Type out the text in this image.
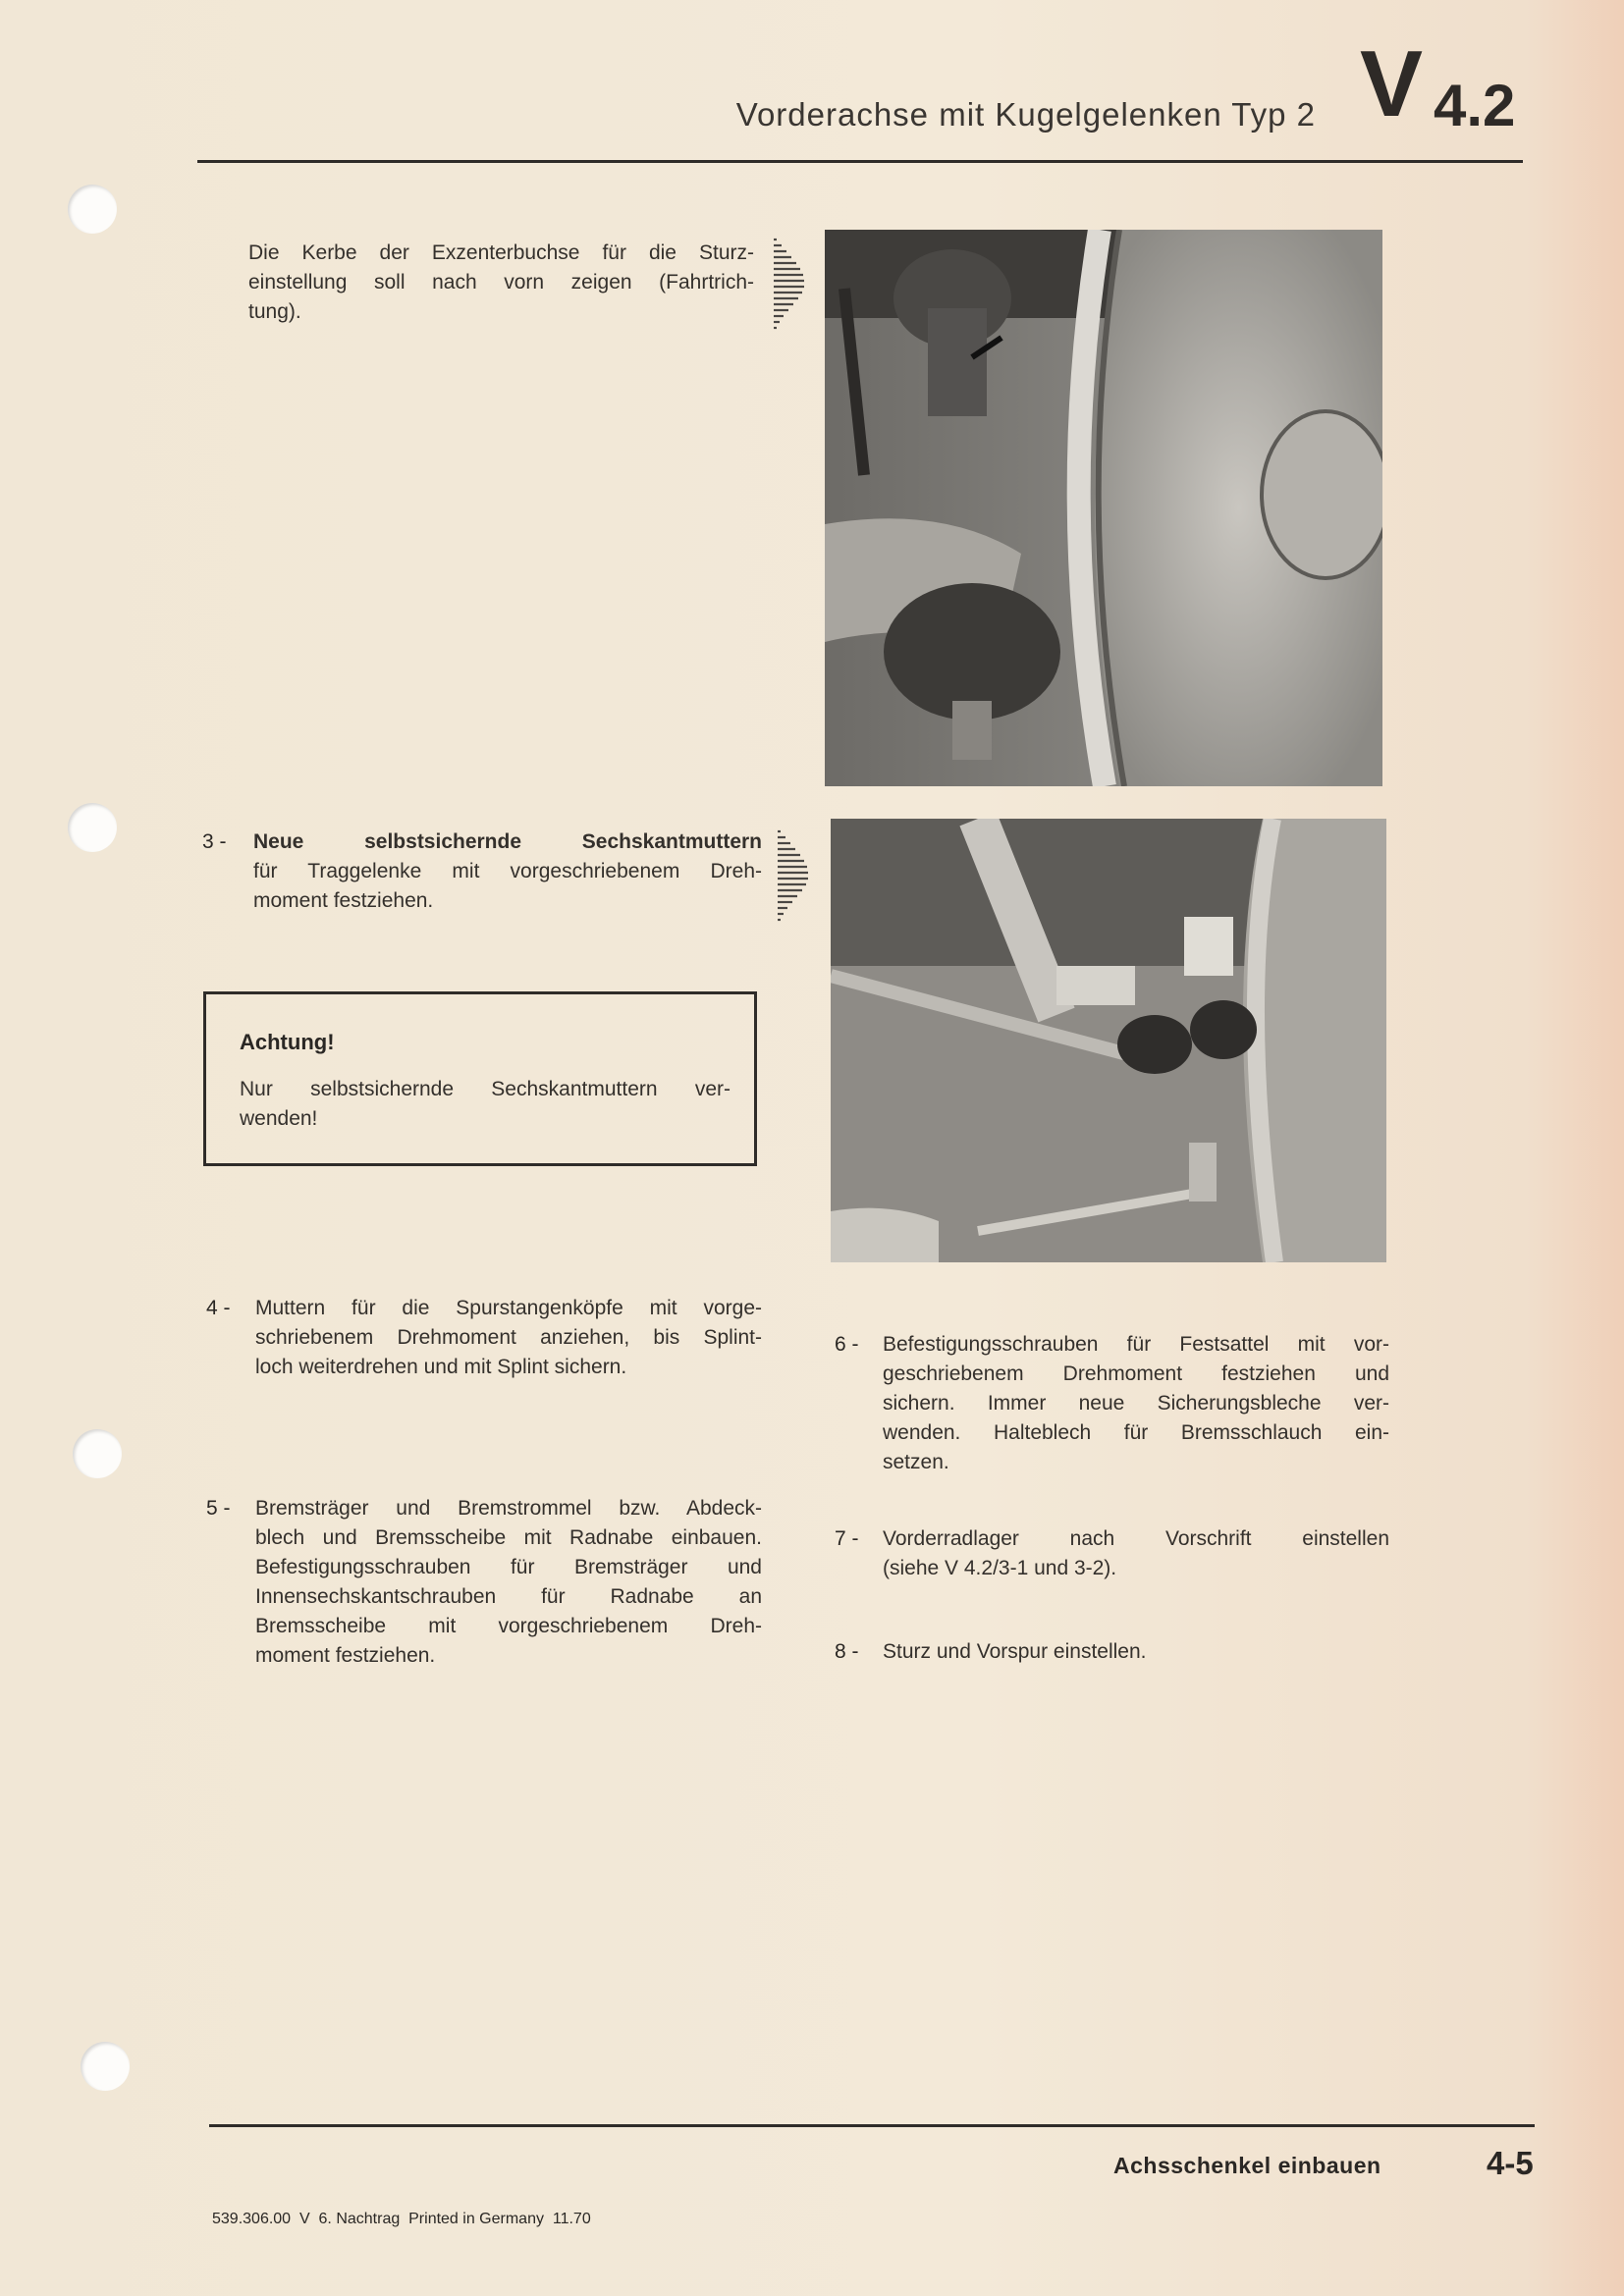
Vorderachse mit Kugelgelenken Typ 2 V 4.2
Die Kerbe der Exzenterbuchse für die Sturz-
einstellung soll nach vorn zeigen (Fahrtrich-
tung).
3 - Neue selbstsichernde Sechskantmuttern
für Traggelenke mit vorgeschriebenem Dreh-
moment festziehen.
Achtung!
Nur selbstsichernde Sechskantmuttern ver-
wenden!
4 - Muttern für die Spurstangenköpfe mit vorge-
schriebenem Drehmoment anziehen, bis Splint-
loch weiterdrehen und mit Splint sichern.
5 - Bremsträger und Bremstrommel bzw. Abdeck-
blech und Bremsscheibe mit Radnabe einbauen.
Befestigungsschrauben für Bremsträger und
Innensechskantschrauben für Radnabe an
Bremsscheibe mit vorgeschriebenem Dreh-
moment festziehen.
6 - Befestigungsschrauben für Festsattel mit vor-
geschriebenem Drehmoment festziehen und
sichern. Immer neue Sicherungsbleche ver-
wenden. Halteblech für Bremsschlauch ein-
setzen.
7 - Vorderradlager nach Vorschrift einstellen
(siehe V 4.2/3-1 und 3-2).
8 - Sturz und Vorspur einstellen.
Achsschenkel einbauen	4-5
539.306.00  V  6. Nachtrag  Printed in Germany  11.70
